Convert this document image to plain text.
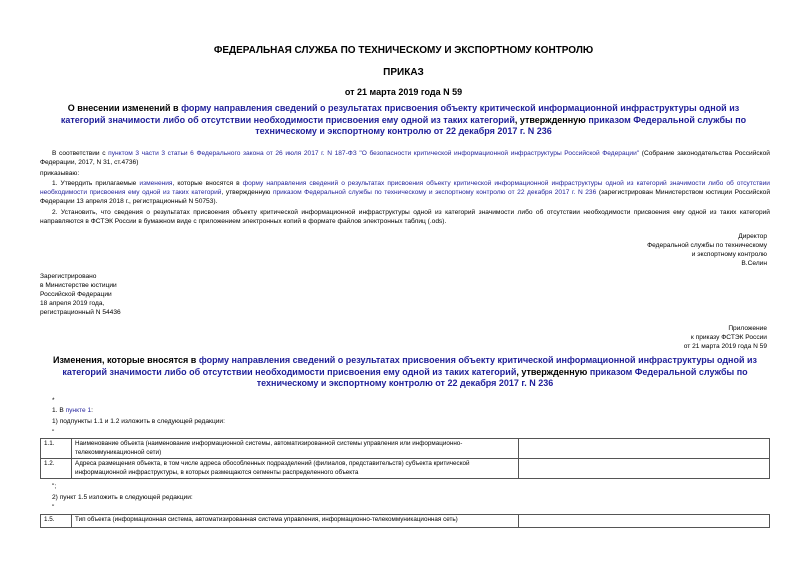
ФЕДЕРАЛЬНАЯ СЛУЖБА ПО ТЕХНИЧЕСКОМУ И ЭКСПОРТНОМУ КОНТРОЛЮ
ПРИКАЗ
от 21 марта 2019 года N 59
О внесении изменений в форму направления сведений о результатах присвоения объекту критической информационной инфраструктуры одной из категорий значимости либо об отсутствии необходимости присвоения ему одной из таких категорий, утвержденную приказом Федеральной службы по техническому и экспортному контролю от 22 декабря 2017 г. N 236
В соответствии с пунктом 3 части 3 статьи 6 Федерального закона от 26 июля 2017 г. N 187-ФЗ "О безопасности критической информационной инфраструктуры Российской Федерации" (Собрание законодательства Российской Федерации, 2017, N 31, ст.4736)
приказываю:
1. Утвердить прилагаемые изменения, которые вносятся в форму направления сведений о результатах присвоения объекту критической информационной инфраструктуры одной из категорий значимости либо об отсутствии необходимости присвоения ему одной из таких категорий, утвержденную приказом Федеральной службы по техническому и экспортному контролю от 22 декабря 2017 г. N 236 (зарегистрирован Министерством юстиции Российской Федерации 13 апреля 2018 г., регистрационный N 50753).
2. Установить, что сведения о результатах присвоения объекту критической информационной инфраструктуры одной из категорий значимости либо об отсутствии необходимости присвоения ему одной из таких категорий направляются в ФСТЭК России в бумажном виде с приложением электронных копий в формате файлов электронных таблиц (.ods).
Директор
Федеральной службы по техническому
и экспортному контролю
В.Селин
Зарегистрировано
в Министерстве юстиции
Российской Федерации
18 апреля 2019 года,
регистрационный N 54436
Приложение
к приказу ФСТЭК России
от 21 марта 2019 года N 59
Изменения, которые вносятся в форму направления сведений о результатах присвоения объекту критической информационной инфраструктуры одной из категорий значимости либо об отсутствии необходимости присвоения ему одной из таких категорий, утвержденную приказом Федеральной службы по техническому и экспортному контролю от 22 декабря 2017 г. N 236
*
1. В пункте 1:
1) подпункты 1.1 и 1.2 изложить в следующей редакции:
"
1.1.	Наименование объекта (наименование информационной системы, автоматизированной системы управления или информационно-телекоммуникационной сети)	
1.2.	Адреса размещения объекта, в том числе адреса обособленных подразделений (филиалов, представительств) субъекта критической информационной инфраструктуры, в которых размещаются сегменты распределенного объекта	
";
2) пункт 1.5 изложить в следующей редакции:
"
1.5.	Тип объекта (информационная система, автоматизированная система управления, информационно-телекоммуникационная сеть)	
